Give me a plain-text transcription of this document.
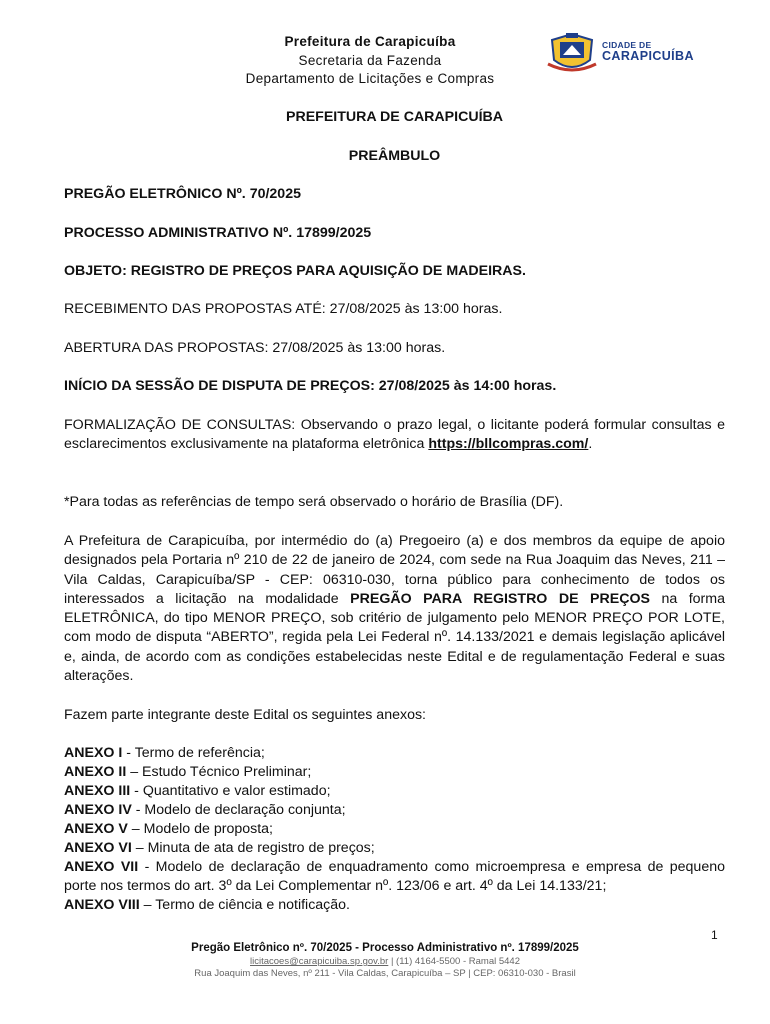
Prefeitura de Carapicuíba
Secretaria da Fazenda
Departamento de Licitações e Compras
CIDADE DE
CARAPICUÍBA
PREFEITURA DE CARAPICUÍBA
PREÂMBULO
PREGÃO ELETRÔNICO Nº. 70/2025
PROCESSO ADMINISTRATIVO Nº. 17899/2025
OBJETO: REGISTRO DE PREÇOS PARA AQUISIÇÃO DE MADEIRAS.
RECEBIMENTO DAS PROPOSTAS ATÉ: 27/08/2025 às 13:00 horas.
ABERTURA DAS PROPOSTAS: 27/08/2025 às 13:00 horas.
INÍCIO DA SESSÃO DE DISPUTA DE PREÇOS: 27/08/2025 às 14:00 horas.
FORMALIZAÇÃO DE CONSULTAS: Observando o prazo legal, o licitante poderá formular consultas e esclarecimentos exclusivamente na plataforma eletrônica https://bllcompras.com/.
*Para todas as referências de tempo será observado o horário de Brasília (DF).
A Prefeitura de Carapicuíba, por intermédio do (a) Pregoeiro (a) e dos membros da equipe de apoio designados pela Portaria nº 210 de 22 de janeiro de 2024, com sede na Rua Joaquim das Neves, 211 – Vila Caldas, Carapicuíba/SP - CEP: 06310-030, torna público para conhecimento de todos os interessados a licitação na modalidade PREGÃO PARA REGISTRO DE PREÇOS na forma ELETRÔNICA, do tipo MENOR PREÇO, sob critério de julgamento pelo MENOR PREÇO POR LOTE, com modo de disputa “ABERTO”, regida pela Lei Federal nº. 14.133/2021 e demais legislação aplicável e, ainda, de acordo com as condições estabelecidas neste Edital e de regulamentação Federal e suas alterações.
Fazem parte integrante deste Edital os seguintes anexos:
ANEXO I - Termo de referência;
ANEXO II – Estudo Técnico Preliminar;
ANEXO III - Quantitativo e valor estimado;
ANEXO IV - Modelo de declaração conjunta;
ANEXO V – Modelo de proposta;
ANEXO VI – Minuta de ata de registro de preços;
ANEXO VII - Modelo de declaração de enquadramento como microempresa e empresa de pequeno porte nos termos do art. 3º da Lei Complementar nº. 123/06 e art. 4º da Lei 14.133/21;
ANEXO VIII – Termo de ciência e notificação.
1
Pregão Eletrônico nº. 70/2025 - Processo Administrativo nº. 17899/2025
licitacoes@carapicuiba.sp.gov.br | (11) 4164-5500 - Ramal 5442
Rua Joaquim das Neves, nº 211 - Vila Caldas, Carapicuíba – SP | CEP: 06310-030 - Brasil
